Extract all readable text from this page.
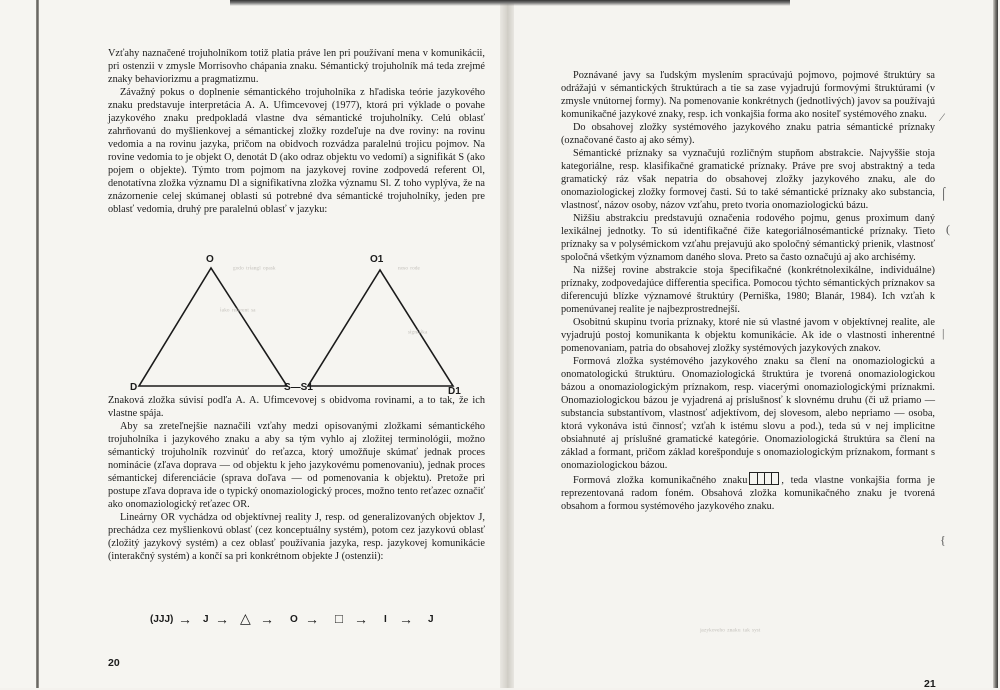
Vzťahy naznačené trojuholníkom totiž platia práve len pri používaní mena v komunikácii, pri ostenzii v zmysle Morrisovho chápania znaku. Sémantický trojuholník má teda zrejmé znaky behaviorizmu a pragmatizmu.

Závažný pokus o doplnenie sémantického trojuholníka z hľadiska teórie jazykového znaku predstavuje interpretácia A. A. Ufimcevovej (1977), ktorá pri výklade o povahe jazykového znaku predpokladá vlastne dva sémantické trojuholníky. Celú oblasť zahrňovanú do myšlienkovej a sémantickej zložky rozdeľuje na dve roviny: na rovinu vedomia a na rovinu jazyka, pričom na obidvoch rozvádza paralelnú trojicu pojmov. Na rovine vedomia to je objekt O, denotát D (ako odraz objektu vo vedomí) a signifikát S (ako pojem o objekte). Týmto trom pojmom na jazykovej rovine zodpovedá referent Ol, denotatívna zložka významu Dl a signifikatívna zložka významu Sl. Z toho vyplýva, že na znázornenie celej skúmanej oblasti sú potrebné dva sémantické trojuholníky, jeden pre oblasť vedomia, druhý pre paralelnú oblasť v jazyku:

O	O1
D	S—S1	D1
ᵍᵒᵈᵒ ᵗʳⁱᵃⁿᵍˡ ᵒᵖᵃˢᵏ	ⁿᵒˢᵒ ʳᵒᵈᵉ
ⁱᵃᵏᵒ ʳᵉᶠᵉʳᵉⁿᵗ ˢᵃ
ˢⁱᵍⁿⁱᶠⁱᵏᵃ

Znaková zložka súvisí podľa A. A. Ufimcevovej s obidvoma rovinami, a to tak, že ich vlastne spája.

Aby sa zreteľnejšie naznačili vzťahy medzi opisovanými zložkami sémantického trojuholníka i jazykového znaku a aby sa tým vyhlo aj zložitej terminológii, možno sémantický trojuholník rozvinúť do reťazca, ktorý umožňuje skúmať jednak proces nominácie (zľava doprava — od objektu k jeho jazykovému pomenovaniu), jednak proces sémantickej diferenciácie (sprava doľava — od pomenovania k objektu). Pretože pri postupe zľava doprava ide o typický onomaziologický proces, možno tento reťazec označiť ako onomaziologický reťazec OR.

Lineárny OR vychádza od objektívnej reality J, resp. od generalizovaných objektov J, prechádza cez myšlienkovú oblasť (cez konceptuálny systém), potom cez jazykovú oblasť (zložitý jazykový systém) a cez oblasť používania jazyka, resp. jazykovej komunikácie (interakčný systém) a končí sa pri konkrétnom objekte J (ostenzii):

(JJJ) → J → △ → O → □ → I → J
20

Poznávané javy sa ľudským myslením spracúvajú pojmovo, pojmové štruktúry sa odrážajú v sémantických štruktúrach a tie sa zase vyjadrujú formovými štruktúrami (v zmysle vnútornej formy). Na pomenovanie konkrétnych (jednotlivých) javov sa používajú komunikačné jazykové znaky, resp. ich vonkajšia forma ako nositeľ systémového znaku.

Do obsahovej zložky systémového jazykového znaku patria sémantické príznaky (označované často aj ako sémy).

Sémantické príznaky sa vyznačujú rozličným stupňom abstrakcie. Najvyššie stoja kategoriálne, resp. klasifikačné gramatické príznaky. Práve pre svoj abstraktný a teda gramatický ráz však nepatria do obsahovej zložky jazykového znaku, ale do onomaziologickej zložky formovej časti. Sú to také sémantické príznaky ako substancia, vlastnosť, názov osoby, názov vzťahu, preto tvoria onomaziologickú bázu.

Nižšiu abstrakciu predstavujú označenia rodového pojmu, genus proximum daný lexikálnej jednotky. To sú identifikačné čiže kategoriálnosémantické príznaky. Tieto príznaky sa v polysémickom vzťahu prejavujú ako spoločný sémantický prienik, vlastnosť spoločná všetkým významom daného slova. Preto sa často označujú aj ako archisémy.

Na nižšej rovine abstrakcie stoja špecifikačné (konkrétnolexikálne, individuálne) príznaky, zodpovedajúce differentia specifica. Pomocou týchto sémantických príznakov sa diferencujú blízke významové štruktúry (Perniška, 1980; Blanár, 1984). Ich vzťah k pomenúvanej realite je najbezprostrednejší.

Osobitnú skupinu tvoria príznaky, ktoré nie sú vlastné javom v objektívnej realite, ale vyjadrujú postoj komunikanta k objektu komunikácie. Ak ide o vlastnosti inherentné pomenovaniam, patria do obsahovej zložky systémových jazykových znakov.

Formová zložka systémového jazykového znaku sa člení na onomaziologickú a onomatologickú štruktúru. Onomaziologická štruktúra je tvorená onomaziologickou bázou a onomaziologickým príznakom, resp. viacerými onomaziologickými príznakmi. Onomaziologickou bázou je vyjadrená aj príslušnosť k slovnému druhu (či už priamo — substancia substantívom, vlastnosť adjektívom, dej slovesom, alebo nepriamo — osoba, ktorá vykonáva istú činnosť; vzťah k istému slovu a pod.), teda sú v nej implicitne obsiahnuté aj príslušné gramatické kategórie. Onomaziologická štruktúra sa člení na základ a formant, pričom základ korešponduje s onomaziologickým príznakom, formant s onomaziologickou bázou.

Formová zložka komunikačného znaku	, teda vlastne vonkajšia forma je reprezentovaná radom foném. Obsahová zložka komunikačného znaku je tvorená obsahom a formou systémového jazykového znaku.

⌠
(
|
{
⁄
ʲᵃᶻʸᵏᵒᵛᵉʰᵒ ᶻⁿᵃᵏᵘ ᵗᵃᵏ ˢʸˢᵗ
21
